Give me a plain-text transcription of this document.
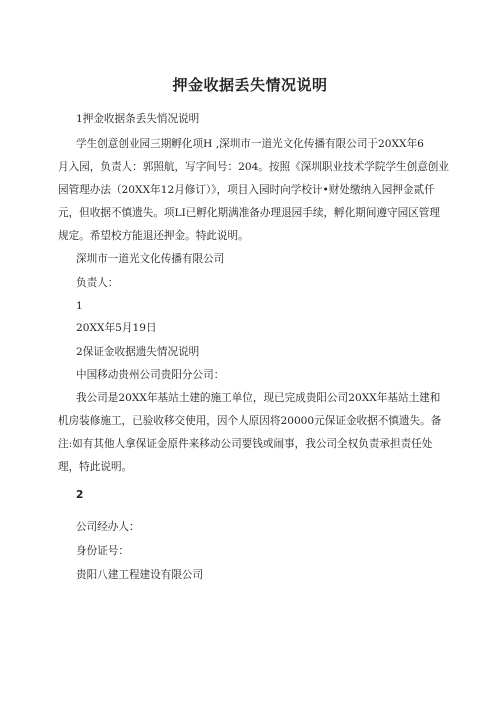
押金收据丢失情况说明
1押金收据条丢失悄况说明
学生创意创业园三期孵化项H ,深圳市一道光文化传播有限公司于20XX年6
月入园，负责人：郭照航，写字间号：204。按照《深圳职业技术学院学生创意创业
园管理办法（20XX年12月修订）》，项目入园时向学校计•财处缴纳入园押金贰仟
元，但收据不慎遗失。项LI已孵化期满准备办理退园手续，孵化期间遵守园区管理
规定。希望校方能退还押金。特此说明。
深圳市一道光文化传播有限公司
负责人：
1
20XX年5月19日
2保证金收据遗失情况说明
中国移动贵州公司贵阳分公司：
我公司是20XX年基站土建的施工单位，现已完成贵阳公司20XX年基站土建和
机房装修施工，已验收移交使用，因个人原因将20000元保证金收据不慎遗失。备
注:如有其他人拿保证金原件来移动公司要钱或闹事，我公司全权负责承担责任处
理，特此说明。
2
公司经办人：
身份证号：
贵阳八建工程建设有限公司
